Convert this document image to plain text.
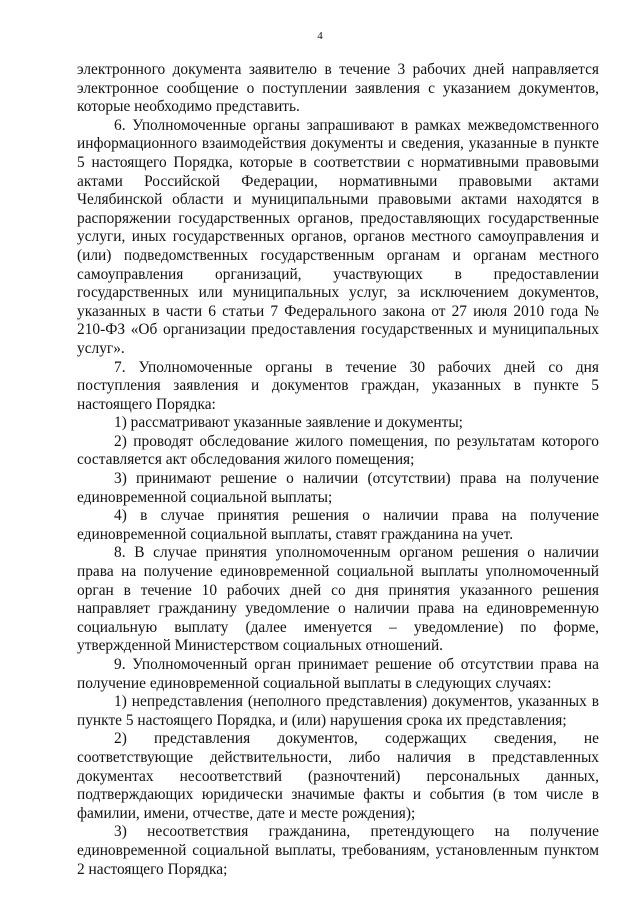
4

электронного документа заявителю в течение 3 рабочих дней направляется электронное сообщение о поступлении заявления с указанием документов, которые необходимо представить.

6. Уполномоченные органы запрашивают в рамках межведомственного информационного взаимодействия документы и сведения, указанные в пункте 5 настоящего Порядка, которые в соответствии с нормативными правовыми актами Российской Федерации, нормативными правовыми актами Челябинской области и муниципальными правовыми актами находятся в распоряжении государственных органов, предоставляющих государственные услуги, иных государственных органов, органов местного самоуправления и (или) подведомственных государственным органам и органам местного самоуправления организаций, участвующих в предоставлении государственных или муниципальных услуг, за исключением документов, указанных в части 6 статьи 7 Федерального закона от 27 июля 2010 года № 210-ФЗ «Об организации предоставления государственных и муниципальных услуг».

7. Уполномоченные органы в течение 30 рабочих дней со дня поступления заявления и документов граждан, указанных в пункте 5 настоящего Порядка:

1) рассматривают указанные заявление и документы;

2) проводят обследование жилого помещения, по результатам которого составляется акт обследования жилого помещения;

3) принимают решение о наличии (отсутствии) права на получение единовременной социальной выплаты;

4) в случае принятия решения о наличии права на получение единовременной социальной выплаты, ставят гражданина на учет.

8. В случае принятия уполномоченным органом решения о наличии права на получение единовременной социальной выплаты уполномоченный орган в течение 10 рабочих дней со дня принятия указанного решения направляет гражданину уведомление о наличии права на единовременную социальную выплату (далее именуется – уведомление) по форме, утвержденной Министерством социальных отношений.

9. Уполномоченный орган принимает решение об отсутствии права на получение единовременной социальной выплаты в следующих случаях:

1) непредставления (неполного представления) документов, указанных в пункте 5 настоящего Порядка, и (или) нарушения срока их представления;

2) представления документов, содержащих сведения, не соответствующие действительности, либо наличия в представленных документах несоответствий (разночтений) персональных данных, подтверждающих юридически значимые факты и события (в том числе в фамилии, имени, отчестве, дате и месте рождения);

3) несоответствия гражданина, претендующего на получение единовременной социальной выплаты, требованиям, установленным пунктом 2 настоящего Порядка;
